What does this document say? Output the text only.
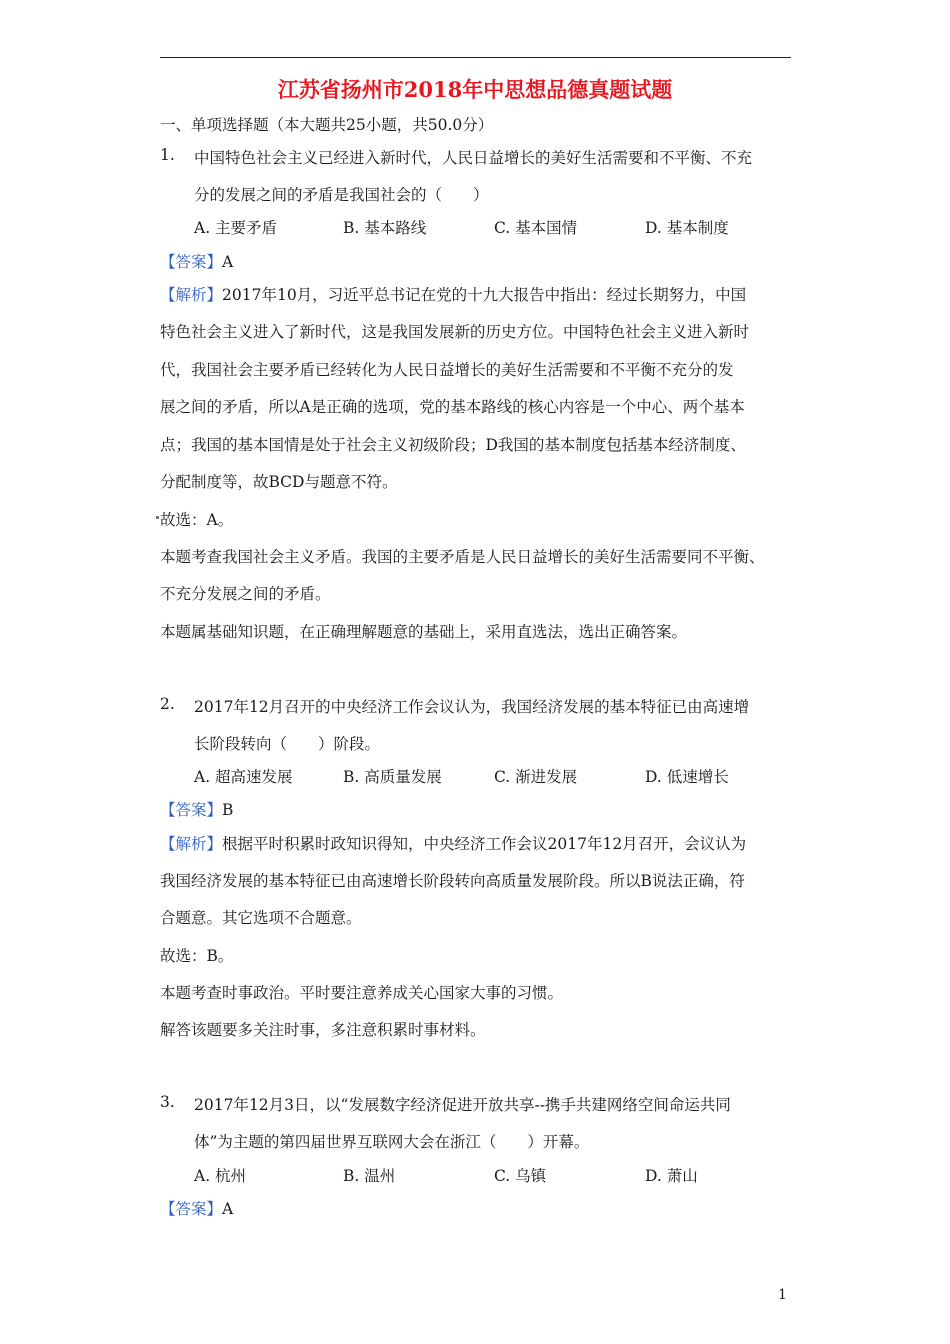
江苏省扬州市2018年中思想品德真题试题
一、单项选择题（本大题共25小题，共50.0分）
1. 中国特色社会主义已经进入新时代，人民日益增长的美好生活需要和不平衡、不充
分的发展之间的矛盾是我国社会的（　　）
A. 主要矛盾	B. 基本路线	C. 基本国情	D. 基本制度
【答案】A
【解析】2017年10月，习近平总书记在党的十九大报告中指出：经过长期努力，中国
特色社会主义进入了新时代，这是我国发展新的历史方位。中国特色社会主义进入新时
代，我国社会主要矛盾已经转化为人民日益增长的美好生活需要和不平衡不充分的发
展之间的矛盾，所以A是正确的选项，党的基本路线的核心内容是一个中心、两个基本
点；我国的基本国情是处于社会主义初级阶段；D我国的基本制度包括基本经济制度、
分配制度等，故BCD与题意不符。
故选：A。
本题考查我国社会主义矛盾。我国的主要矛盾是人民日益增长的美好生活需要同不平衡、
不充分发展之间的矛盾。
本题属基础知识题，在正确理解题意的基础上，采用直选法，选出正确答案。
2. 2017年12月召开的中央经济工作会议认为，我国经济发展的基本特征已由高速增
长阶段转向（　　）阶段。
A. 超高速发展	B. 高质量发展	C. 渐进发展	D. 低速增长
【答案】B
【解析】根据平时积累时政知识得知，中央经济工作会议2017年12月召开，会议认为
我国经济发展的基本特征已由高速增长阶段转向高质量发展阶段。所以B说法正确，符
合题意。其它选项不合题意。
故选：B。
本题考查时事政治。平时要注意养成关心国家大事的习惯。
解答该题要多关注时事，多注意积累时事材料。
3. 2017年12月3日，以“发展数字经济促进开放共享--携手共建网络空间命运共同
体”为主题的第四届世界互联网大会在浙江（　　）开幕。
A. 杭州	B. 温州	C. 乌镇	D. 萧山
【答案】A
1
